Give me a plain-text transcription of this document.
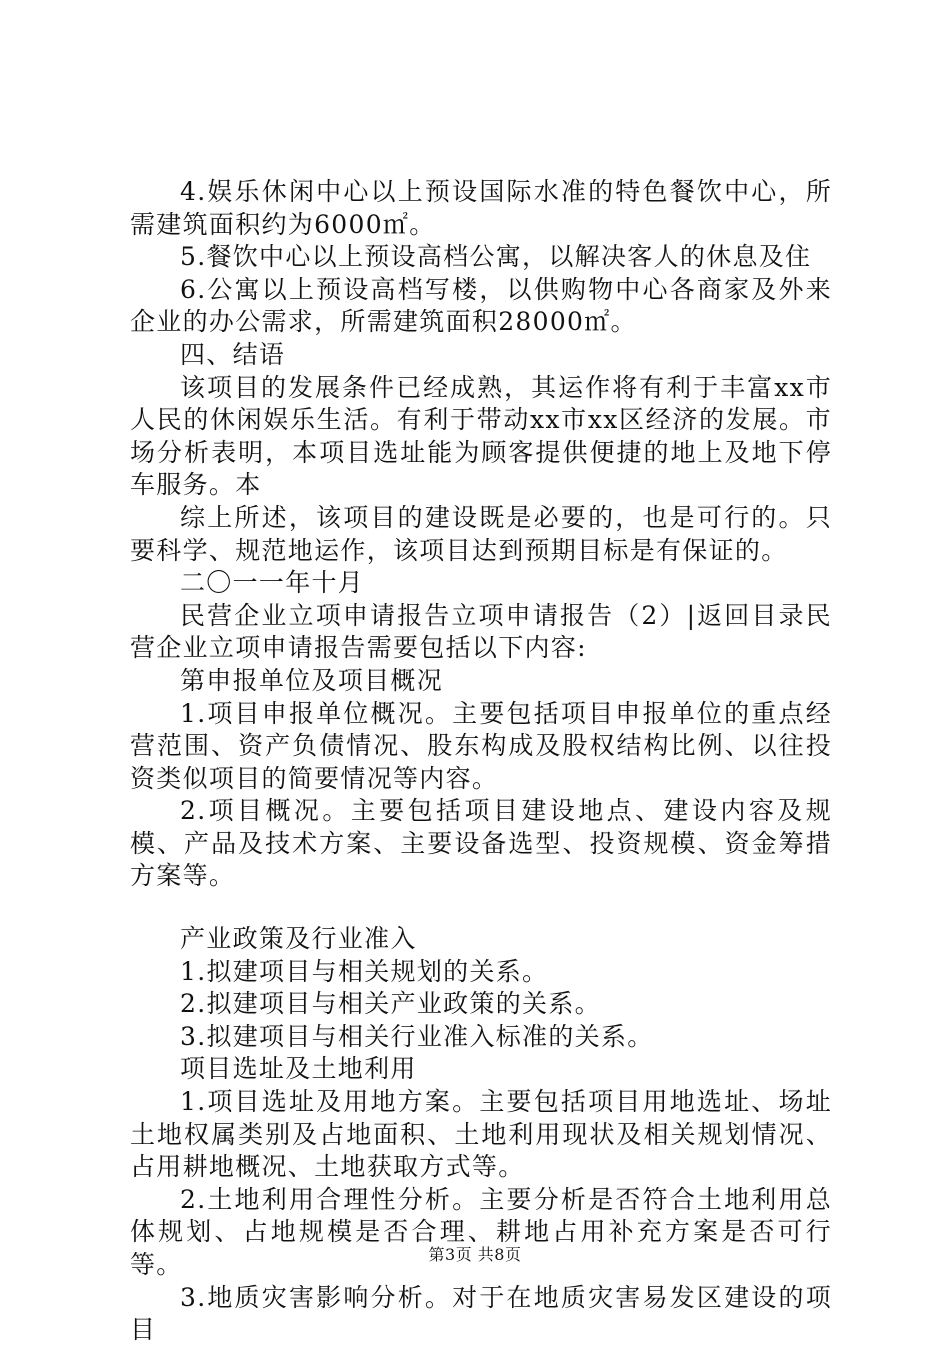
4.娱乐休闲中心以上预设国际水准的特色餐饮中心，所需建筑面积约为6000㎡。

5.餐饮中心以上预设高档公寓，以解决客人的休息及住

6.公寓以上预设高档写楼，以供购物中心各商家及外来企业的办公需求，所需建筑面积28000㎡。

四、结语

该项目的发展条件已经成熟，其运作将有利于丰富xx市人民的休闲娱乐生活。有利于带动xx市xx区经济的发展。市场分析表明，本项目选址能为顾客提供便捷的地上及地下停车服务。本

综上所述，该项目的建设既是必要的，也是可行的。只要科学、规范地运作，该项目达到预期目标是有保证的。

二〇一一年十月

民营企业立项申请报告立项申请报告（2）|返回目录民营企业立项申请报告需要包括以下内容:

第申报单位及项目概况

1.项目申报单位概况。主要包括项目申报单位的重点经营范围、资产负债情况、股东构成及股权结构比例、以往投资类似项目的简要情况等内容。

2.项目概况。主要包括项目建设地点、建设内容及规模、产品及技术方案、主要设备选型、投资规模、资金筹措方案等。

产业政策及行业准入

1.拟建项目与相关规划的关系。

2.拟建项目与相关产业政策的关系。

3.拟建项目与相关行业准入标准的关系。

项目选址及土地利用

1.项目选址及用地方案。主要包括项目用地选址、场址土地权属类别及占地面积、土地利用现状及相关规划情况、占用耕地概况、土地获取方式等。

2.土地利用合理性分析。主要分析是否符合土地利用总体规划、占地规模是否合理、耕地占用补充方案是否可行等。

3.地质灾害影响分析。对于在地质灾害易发区建设的项目

第3页 共8页
